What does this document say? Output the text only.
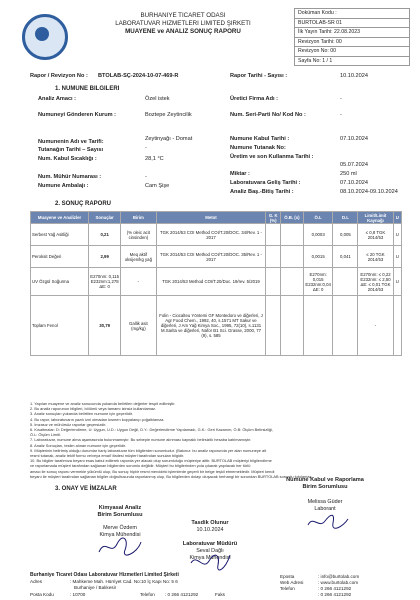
BURHANIYE TICARET ODASI
LABORATUVAR HIZMETLERI LIMITED ŞIRKETI
MUAYENE ve ANALIZ SONUÇ RAPORU
Doküman Kodu :
BURTOLAB-SR 01
İlk Yayın Tarihi: 22.08.2023
Revizyon Tarihi: 00
Revizyon No: 00
Sayfa No: 1 / 1
Rapor / Revizyon No : BTOLAB-SÇ-2024-10-07-469-R	Rapor Tarihi - Sayısı :	10.10.2024
1. NUMUNE BILGILERI
Analiz Amacı :	Özel istek
Numuneyi Gönderen Kurum :	Boztepe Zeytincilik
Numunenin Adı ve Tarifi:	Zeytinyağı - Domat
Tutanağın Tarihi – Sayısı	-
Num. Kabul Sıcaklığı :	28,1 °C
Num. Mühür Numarası :	-
Numune Ambalajı :	Cam Şişe
Üretici Firma Adı :	-
Num. Seri-Parti No/ Kod No :	-
Numune Kabul Tarihi :	07.10.2024
Numune Tutanak No:
Üretim ve son Kullanma Tarihi :
05.07.2024
Miktar :	250 ml
Laboratuvara Geliş Tarihi :	07.10.2024
Analiz Baş.-Bitiş Tarihi :	08.10.2024-09.10.2024
2. SONUÇ RAPORU
Muayene ve Analizler	Sonuçlar	Birim	Metot	G. K (%)	Ö.B. (x)	Ö.L	D.L	Limit/Limit Kaynağı	U
Serbest Yağ Asitliği	0,21	(% oleic acit cinsinden)	TGK 2014/53 COI Method COI/T.20/DOC. 34/Rev. 1 - 2017			0,0003	0,005	≤ 0,8 TGK 2014/53	U
Peroksit Değeri	2,99	Meq aktif oksijen/kg yağ	TGK 2014/53 COI Method COI/T.20/DOC. 35/Rev. 1 - 2017			0,0015	0,041	≤ 20 TGK 2014/53	U
UV Özgül Soğurma	E270nm: 0,115 E232nm:1,278 ΔE: 0	-	TGK 2014/53 Method COI/T.20/Doc. 19/rev. 5/2019			E270nm: 0,015 E232nm:0,04 ΔE: 0		E270nm: ≤ 0,22 E232nm: ≤ 2,50 ΔE: ≤ 0,01 TGK 2014/53	U
Toplam Fenol	30,79	Gallik asit (mg/kg)	Folin - Ciocalteu Yöntemi GF Montedoro ve diğerleri, J Agr Food Chem., 1992, 40, s.1571 MT Sakur ve diğerleri, J Am Yağ Kimya Soc., 1995, 72(10), s.1131 M.Sarita ve diğerleri, Nafor B1 Sci. Grasse, 2000, 77 (9), s. 585					-	
1. Yapılan muayene ve analiz sonucunda yukarıda belirtilen değerler tespit edilmiştir.
2. Bu analiz raporunun bilgileri, bölümü veya tamamı izinsiz kullanılamaz.
3. Analiz sonuçları yukarıda belirtilen numune için geçerlidir.
4. Bu rapor, laboratuvarın yazılı izni olmadan kısmen kopyalanıp çoğaltılamaz.
5. İmzasız ve mühürsüz raporlar geçersizdir.
6. Kısaltmalar: D: Değerlendirme, U: Uygun, U.D.: Uygun Değil, D.Y.: Değerlendirme Yapılamadı, G.K.: Geri Kazanım, Ö.B: Ölçüm Belirsizliği,
Ö.L: Ölçüm Limiti.
7. Laboratuvar, numune alma aşamasında bulunmamıştır. Bu sebeple numune alınması kaynaklı belirsizlik hesaba katılmamıştır.
8. Analiz Sonuçları, teslim alınan numune için geçerlidir.
9. Müşterinin belirtmiş olduğu durumlar hariç laboratuvar tüm bilgilerden sorumludur. (Bakınız: bu analiz raporunda yer alan numuneye ait
resmi tutanak, analiz teklif formu ve/veya email' ifadesi müşteri tarafından sunulan bilgidir.
10. Bu bilgiler tarafımıza beyanı esas kabul edilerek raporda yer alacak olup sorumluluğu müşteriye aittir. BURTOLAB müşteriyi bilgilendirme
ve raporlamada müşteri tarafından sağlanan bilgilerden sorumlu değildir. Müşteri bu bilgilerinden yola çıkarak yapılacak her türlü
amacı ile sonuç raporu vermekle yükümlü olup, Bu sonuç hiçbir resmi mercideki işlemlerde geçerli bir belge teşkil etmemektedir. Müşteri kendi
beyanı ile müşteri tarafından sağlanan bilgiler doğrultusunda raporlanmış olup, Bu bilgilerden dolayı oluşacak herhangi bir sorundan BURTOLAB sorumlu tutulamaz.
3. ONAY VE İMZALAR
Kimyasal Analiz
Birim Sorumlusu
Merve Özdem
Kimya Mühendisi
Numune Kabul ve Raporlama
Birim Sorumlusu
Melissa Güder
Laborant
Tasdik Olunur
10.10.2024
Laboratuvar Müdürü
Seval Dağlı
Kimya Mühendisi
Burhaniye Ticaret Odası Laboratuvar Hizmetleri Limited Şirketi
Adres	: Mahkeme Mah. Hürriyet Cad. No:10 İç Kapı No: 5 6
Burhaniye / Balıkesir
Posta Kodu	: 10700	Telefon : 0 266 4121292	Faks
Eposta	: info@burtolab.com
Web Adresi	: www.burtolab.com
Telefon	: 0 266 4121292
: 0 266 4121292
